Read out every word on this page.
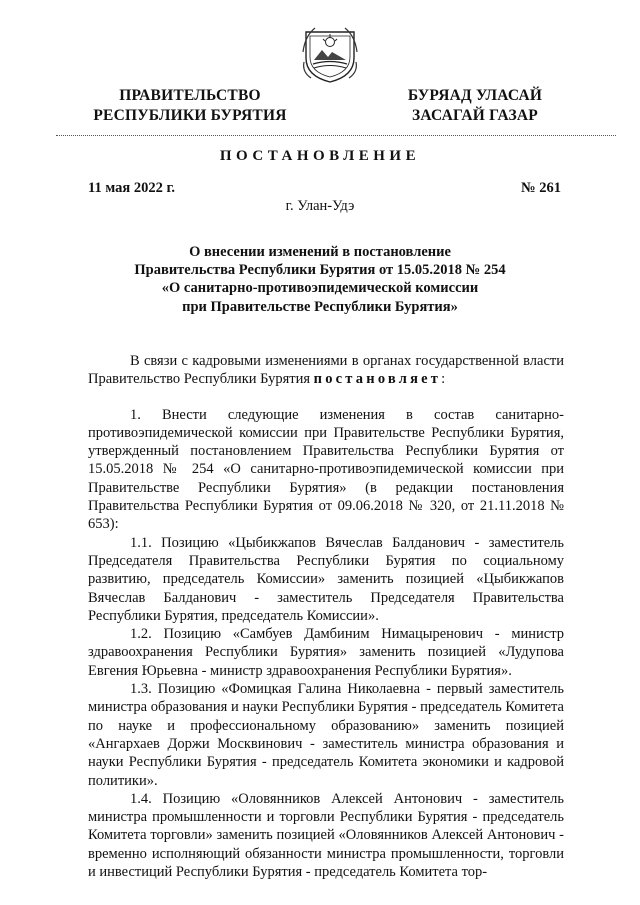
ПРАВИТЕЛЬСТВО
РЕСПУБЛИКИ БУРЯТИЯ
БУРЯАД УЛАСАЙ
ЗАСАГАЙ ГАЗАР
ПОСТАНОВЛЕНИЕ
11 мая 2022 г.	№ 261
г. Улан-Удэ
О внесении изменений в постановление
Правительства Республики Бурятия от 15.05.2018 № 254
«О санитарно-противоэпидемической комиссии
при Правительстве Республики Бурятия»

В связи с кадровыми изменениями в органах государственной власти Правительство Республики Бурятия постановляет:

1. Внести следующие изменения в состав санитарно-противоэпидемической комиссии при Правительстве Республики Бурятия, утвержденный постановлением Правительства Республики Бурятия от 15.05.2018 № 254 «О санитарно-противоэпидемической комиссии при Правительстве Республики Бурятия» (в редакции постановления Правительства Республики Бурятия от 09.06.2018 № 320, от 21.11.2018 № 653):

1.1. Позицию «Цыбикжапов Вячеслав Балданович - заместитель Председателя Правительства Республики Бурятия по социальному развитию, председатель Комиссии» заменить позицией «Цыбикжапов Вячеслав Балданович - заместитель Председателя Правительства Республики Бурятия, председатель Комиссии».

1.2. Позицию «Самбуев Дамбиним Нимацыренович - министр здравоохранения Республики Бурятия» заменить позицией «Лудупова Евгения Юрьевна - министр здравоохранения Республики Бурятия».

1.3. Позицию «Фомицкая Галина Николаевна - первый заместитель министра образования и науки Республики Бурятия - председатель Комитета по науке и профессиональному образованию» заменить позицией «Ангархаев Доржи Москвинович - заместитель министра образования и науки Республики Бурятия - председатель Комитета экономики и кадровой политики».

1.4. Позицию «Оловянников Алексей Антонович - заместитель министра промышленности и торговли Республики Бурятия - председатель Комитета торговли» заменить позицией «Оловянников Алексей Антонович - временно исполняющий обязанности министра промышленности, торговли и инвестиций Республики Бурятия - председатель Комитета тор-
